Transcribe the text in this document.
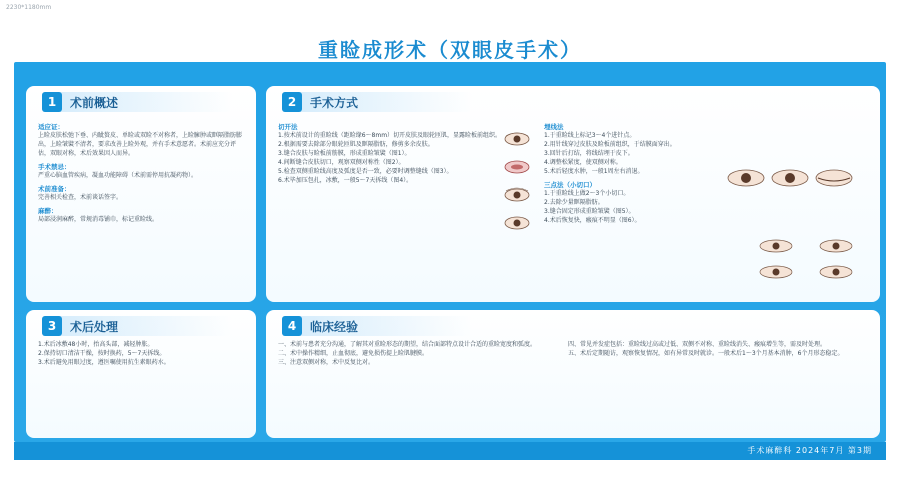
2230*1180mm
重睑成形术（双眼皮手术）
1	术前概述
适应证：
上睑皮肤松弛下垂、内眦赘皮、单睑或双睑不对称者，上睑臃肿或眶隔脂肪膨出，上睑皱襞不清者，要求改善上睑外观，并有手术意愿者。术前应充分评估，双眼对称，术后效果因人而异。
手术禁忌：
严重心脑血管疾病，凝血功能障碍（术前需停用抗凝药物）。
术前准备：
完善相关检查，术前谈话签字。
麻醉：
局部浸润麻醉，常规消毒铺巾，标记重睑线。
2	手术方式
切开法
1.按术前设计的重睑线（距睑缘6～8mm）切开皮肤及眼轮匝肌，显露睑板前组织。
2.根据需要去除部分眼轮匝肌及眶隔脂肪，修剪多余皮肤。
3.缝合皮肤与睑板前筋膜，形成重睑皱襞（图1）。
4.间断缝合皮肤切口，观察双侧对称性（图2）。
5.检查双侧重睑线高度及弧度是否一致，必要时调整缝线（图3）。
6.术毕加压包扎，冰敷，一般5～7天拆线（图4）。

埋线法
1.于重睑线上标记3～4个进针点。
2.用针线穿过皮肤及睑板前组织，于结膜面穿出。
3.回针后打结，将线结埋于皮下。
4.调整松紧度，使双侧对称。
5.术后轻度水肿，一般1周左右消退。
三点法（小切口）
1.于重睑线上做2～3个小切口。
2.去除少量眶隔脂肪。
3.缝合固定形成重睑皱襞（图5）。
4.术后恢复快，瘢痕不明显（图6）。
3	术后处理
1.术后冰敷48小时，抬高头部，减轻肿胀。
2.保持切口清洁干燥，按时换药，5～7天拆线。
3.术后避免用眼过度，遵医嘱使用抗生素眼药水。
4	临床经验
一、术前与患者充分沟通，了解其对重睑形态的期望，结合面部特点设计合适的重睑宽度和弧度。
二、术中操作精细，止血彻底，避免损伤提上睑肌腱膜。
三、注意双侧对称，术中反复比对。
四、常见并发症包括：重睑线过高或过低、双侧不对称、重睑线消失、瘢痕增生等，需及时处理。
五、术后定期随访，观察恢复情况，如有异常及时就诊。一般术后1～3个月基本消肿，6个月形态稳定。
手术麻醉科 2024年7月 第3期
